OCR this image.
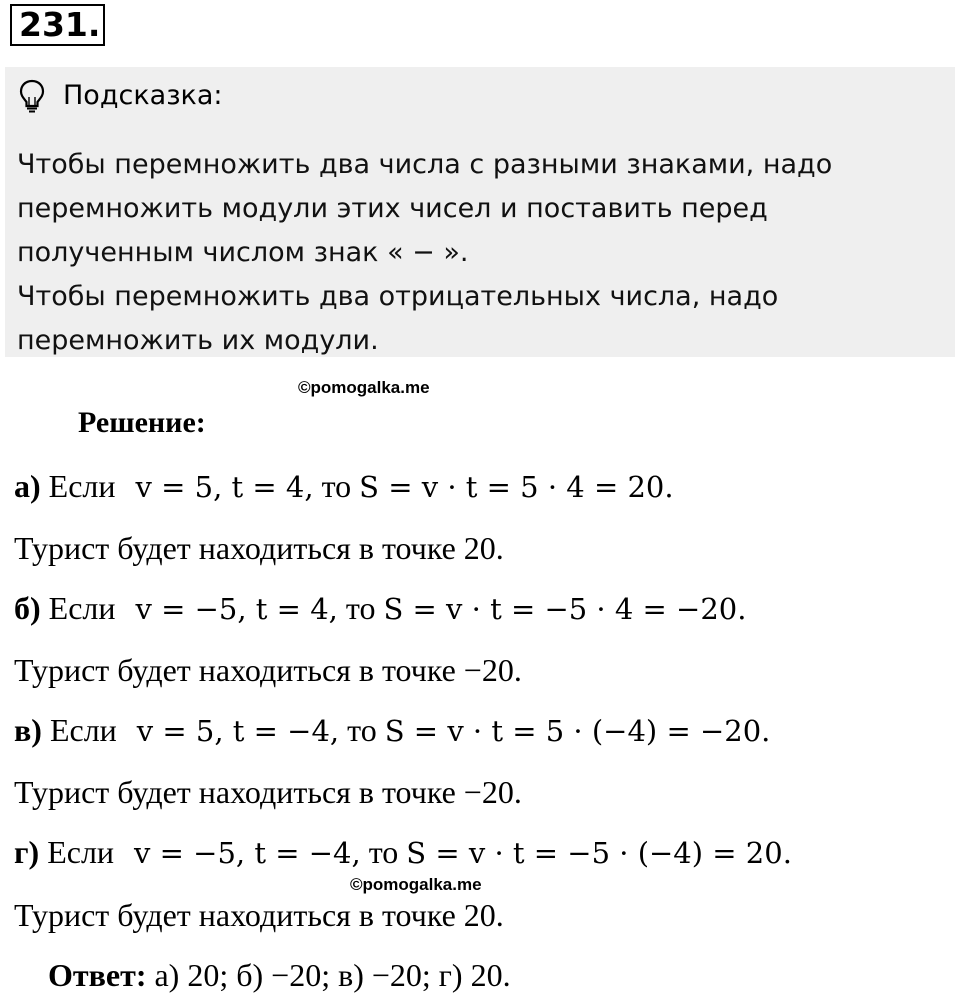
231.
Подсказка:
Чтобы перемножить два числа с разными знаками, надо
перемножить модули этих чисел и поставить перед
полученным числом знак « − ».
Чтобы перемножить два отрицательных числа, надо
перемножить их модули.
©pomogalka.me
Решение:
а) Если v = 5, t = 4, то S = v · t = 5 · 4 = 20.
Турист будет находиться в точке 20.
б) Если v = −5, t = 4, то S = v · t = −5 · 4 = −20.
Турист будет находиться в точке −20.
в) Если v = 5, t = −4, то S = v · t = 5 · (−4) = −20.
Турист будет находиться в точке −20.
г) Если v = −5, t = −4, то S = v · t = −5 · (−4) = 20.
©pomogalka.me
Турист будет находиться в точке 20.
Ответ: а) 20; б) −20; в) −20; г) 20.
